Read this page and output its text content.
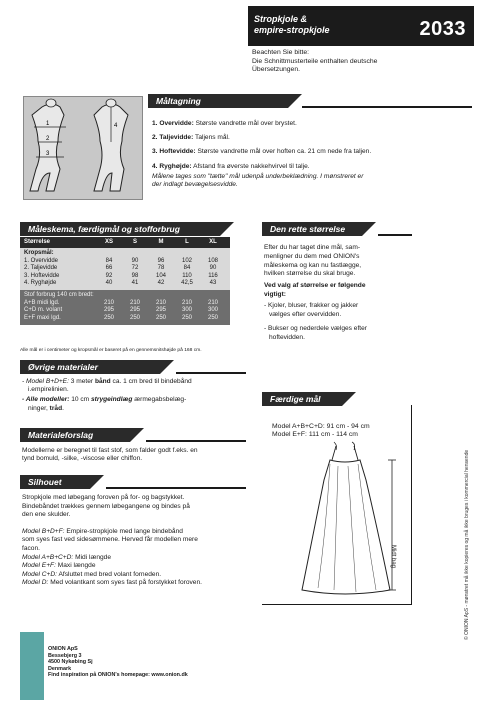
Stropkjole &
empire-stropkjole	2033
Beachten Sie bitte:
Die Schnittmusterteile enthalten deutsche
Übersetzungen.
1
2
3
4
Måltagning
1. Overvidde: Største vandrette mål over brystet.
2. Taljevidde: Taljens mål.
3. Hoftevidde: Største vandrette mål over hoften ca. 21 cm nede fra taljen.
4. Ryghøjde: Afstand fra øverste nakkehvirvel til talje.
Målene tages som "tætte" mål udenpå underbeklædning. I mønstreret er
der indlagt bevægelsesvidde.
Måleskema, færdigmål og stofforbrug
Størrelse	XS	S	M	L	XL
Kropsmål:
1. Overvidde	84	90	96	102	108
2. Taljevidde	66	72	78	84	90
3. Hoftevidde	92	98	104	110	116
4. Ryghøjde	40	41	42	42,5	43
Stof forbrug 140 cm bredt:
A+B midi lgd.	210	210	210	210	210
C+D m. volant	295	295	295	300	300
E+F maxi lgd.	250	250	250	250	250
Alle mål er i centimeter og kropsmål er baseret på en gennemsnitshøjde på 168 cm.
Øvrige materialer
- Model B+D+E: 3 meter bånd ca. 1 cm bred til bindebånd
i.empirelinien.
- Alle modeller: 10 cm strygeindlæg ærmegabsbelæg-
ninger, tråd.
Materialeforslag
Modellerne er beregnet til fast stof, som falder godt f.eks. en
tynd bomuld, -silke, -viscose eller chiffon.
Silhouet
Stropkjole med løbegang foroven på for- og bagstykket.
Bindebåndet trækkes gennem løbegangene og bindes på
den ene skulder.
Model B+D+F: Empire-stropkjole med lange bindebånd
som syes fast ved sidesømmene. Herved får modellen mere
facon.
Model A+B+C+D: Midi længde
Model E+F: Maxi længde
Model C+D: Afsluttet med bred volant forneden.
Model D: Med volantkant som syes fast på forstykket foroven.
Den rette størrelse
Efter du har taget dine mål, sam-
menligner du dem med ONION's
måleskema og kan nu fastlægge,
hvilken størrelse du skal bruge.
Ved valg af størrelse er følgende
vigtigt:
- Kjoler, bluser, frakker og jakker
vælges efter overvidden.
- Bukser og nederdele vælges efter
hoftevidden.
Færdige mål
Model A+B+C+D: 91 cm - 94 cm
Model E+F: 111 cm - 114 cm
Midt bag	© ONION ApS - mønstret må ikke kopieres og må ikke bruges i kommercial hensende
ONION ApS
Bessebjerg 3
4500 Nykøbing Sj
Denmark
Find inspiration på ONION's homepage: www.onion.dk
